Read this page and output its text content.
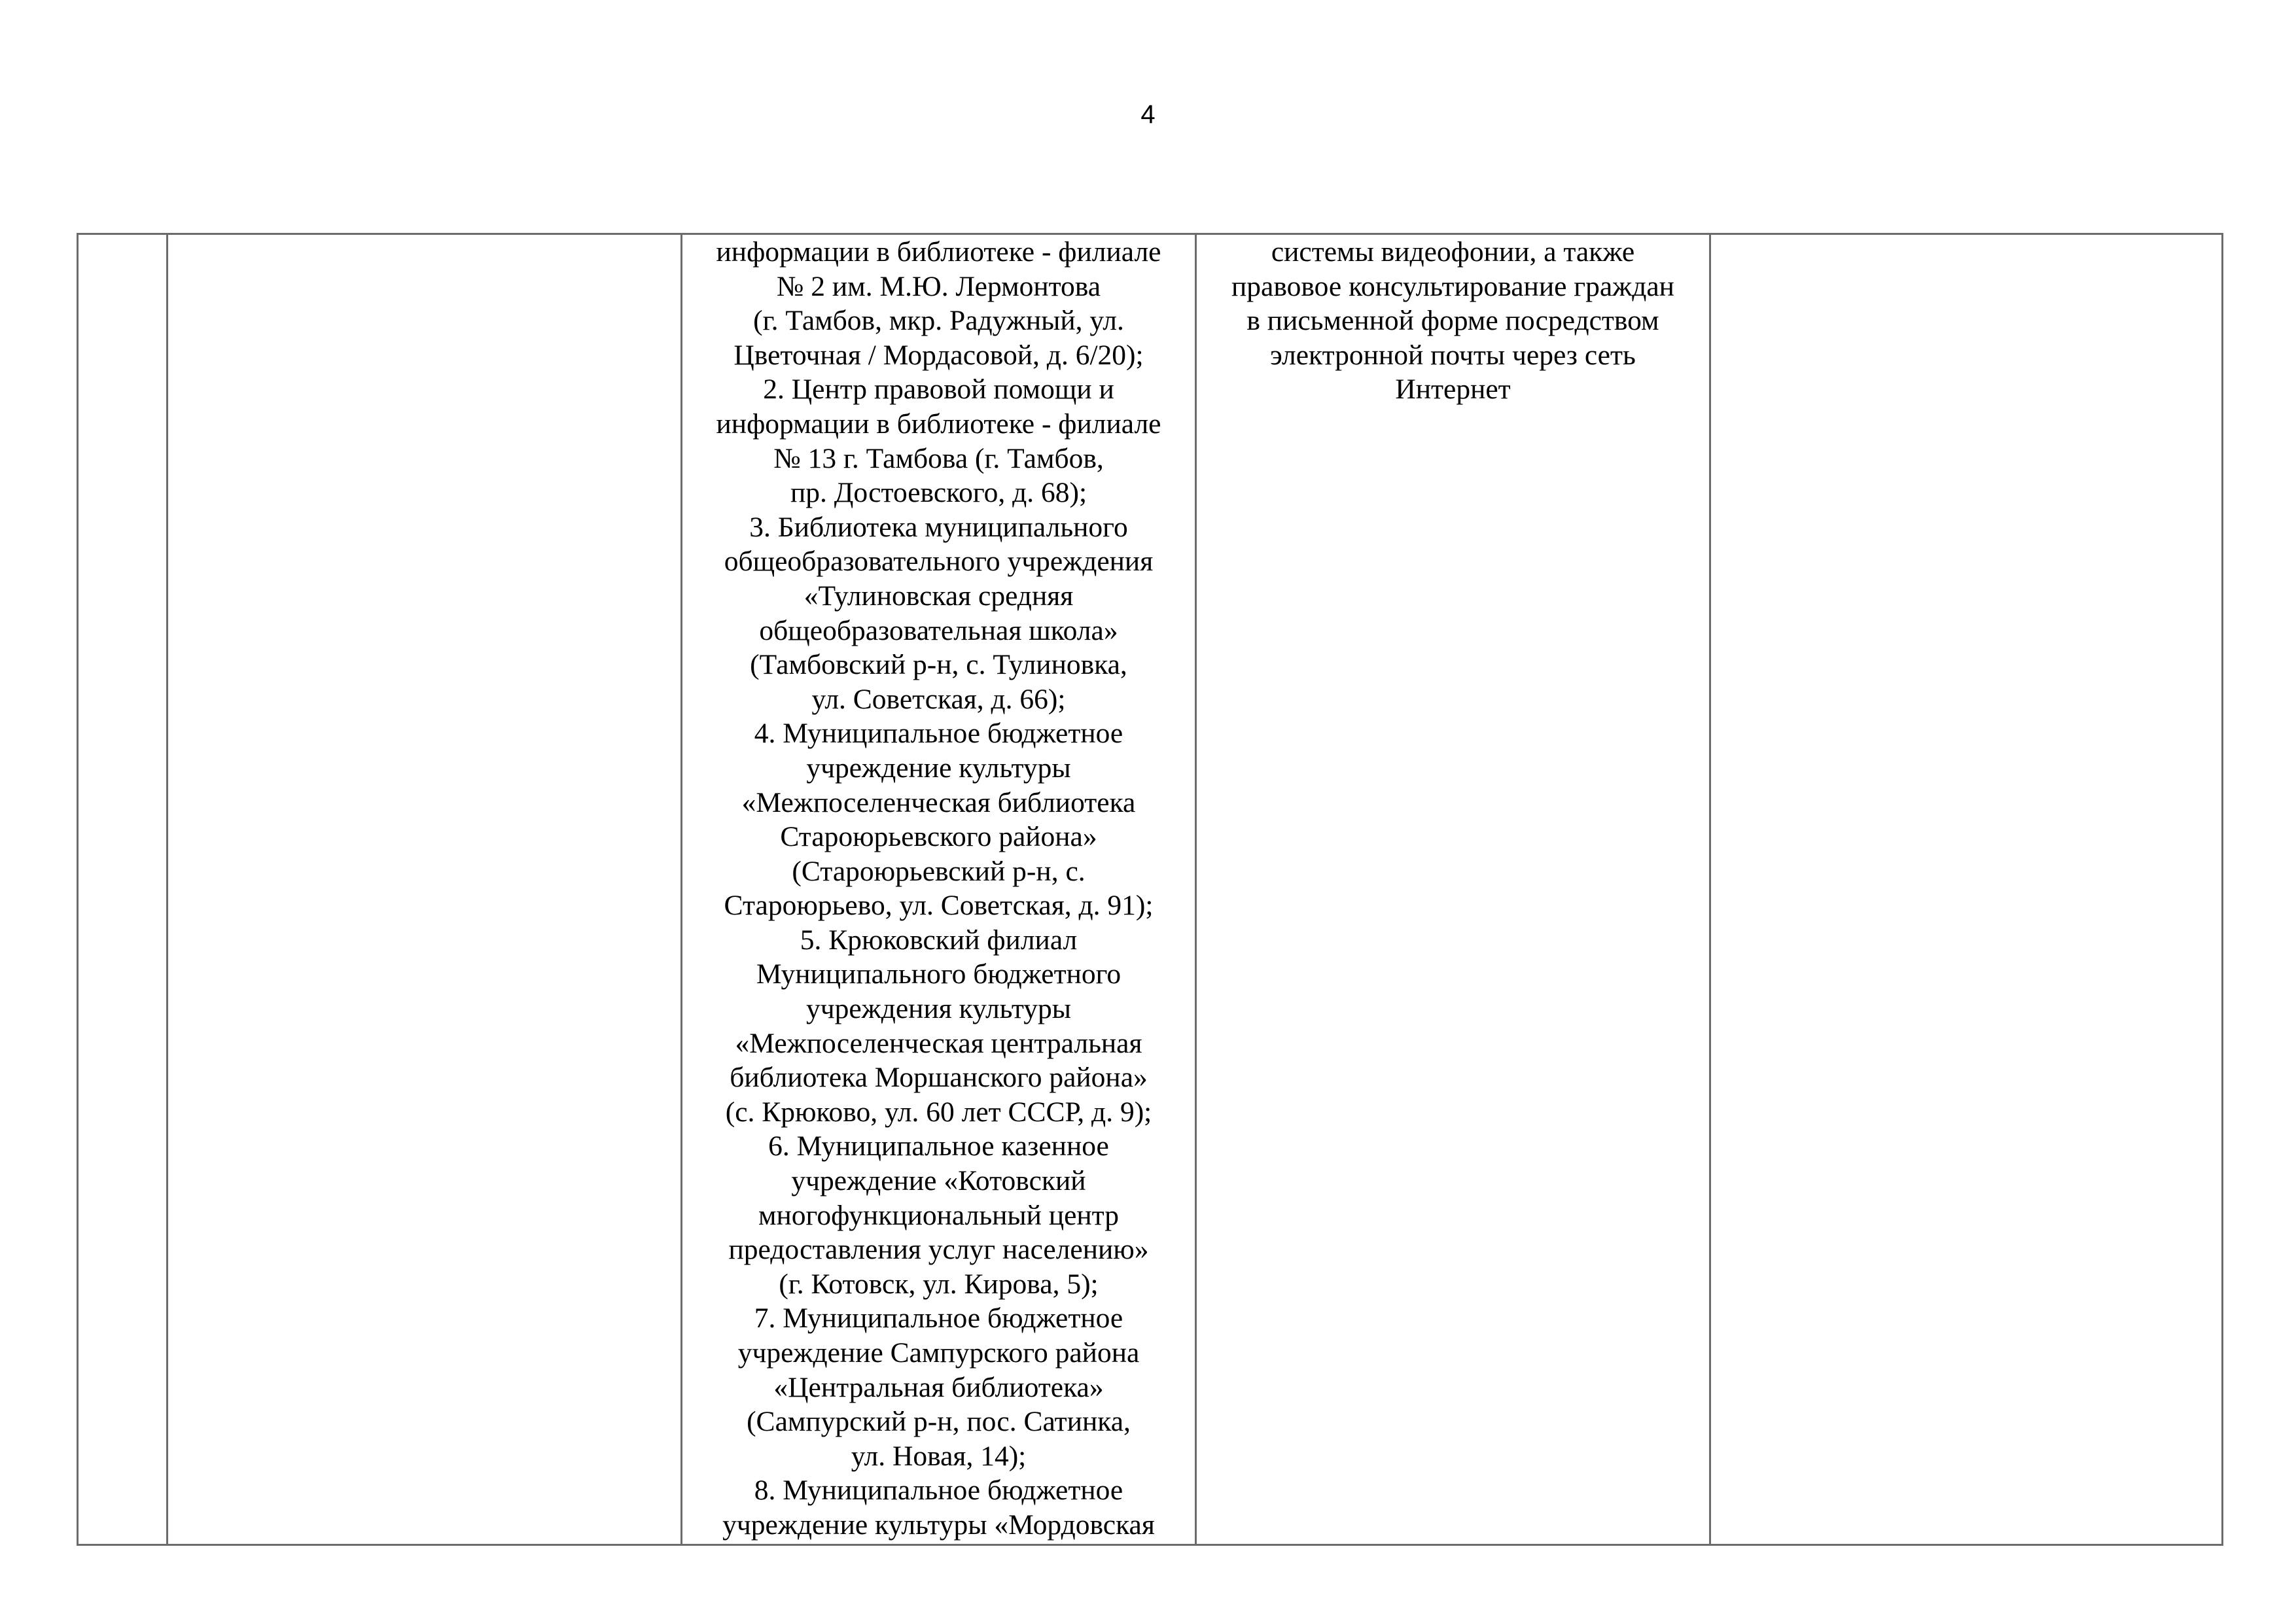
4
информации в библиотеке - филиале
№ 2 им. М.Ю. Лермонтова
(г. Тамбов, мкр. Радужный, ул.
Цветочная / Мордасовой, д. 6/20);
2. Центр правовой помощи и
информации в библиотеке - филиале
№ 13 г. Тамбова (г. Тамбов,
пр. Достоевского, д. 68);
3. Библиотека муниципального
общеобразовательного учреждения
«Тулиновская средняя
общеобразовательная школа»
(Тамбовский р-н, с. Тулиновка,
ул. Советская, д. 66);
4. Муниципальное бюджетное
учреждение культуры
«Межпоселенческая библиотека
Староюрьевского района»
(Староюрьевский р-н, с.
Староюрьево, ул. Советская, д. 91);
5. Крюковский филиал
Муниципального бюджетного
учреждения культуры
«Межпоселенческая центральная
библиотека Моршанского района»
(с. Крюково, ул. 60 лет СССР, д. 9);
6. Муниципальное казенное
учреждение «Котовский
многофункциональный центр
предоставления услуг населению»
(г. Котовск, ул. Кирова, 5);
7. Муниципальное бюджетное
учреждение Сампурского района
«Центральная библиотека»
(Сампурский р-н, пос. Сатинка,
ул. Новая, 14);
8. Муниципальное бюджетное
учреждение культуры «Мордовская
системы видеофонии, а также
правовое консультирование граждан
в письменной форме посредством
электронной почты через сеть
Интернет
